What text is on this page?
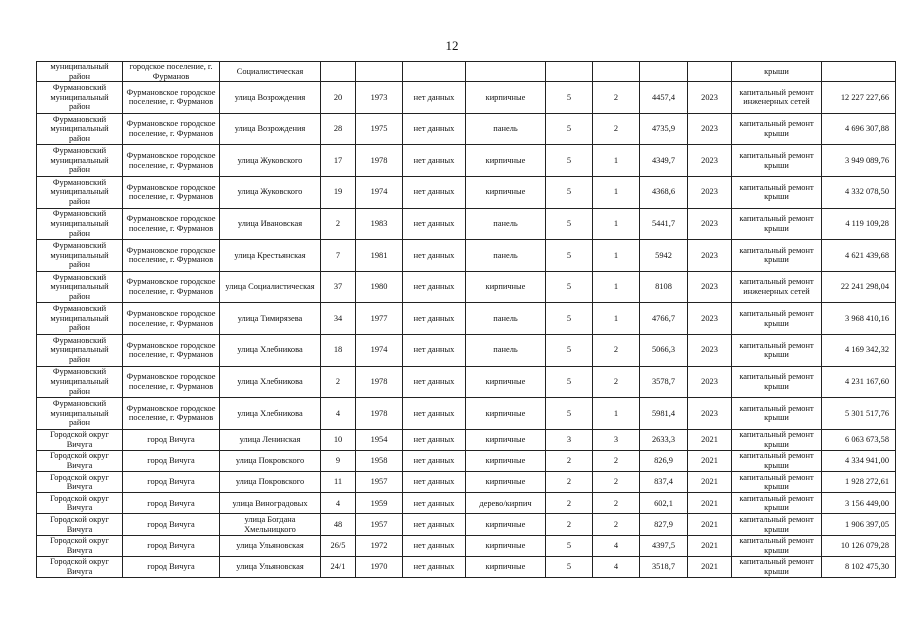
12
муниципальный район	городское поселение, г. Фурманов	Социалистическая									крыши	
Фурмановский муниципальный район	Фурмановское городское поселение, г. Фурманов	улица Возрождения	20	1973	нет данных	кирпичные	5	2	4457,4	2023	капитальный ремонт инженерных сетей	12 227 227,66
Фурмановский муниципальный район	Фурмановское городское поселение, г. Фурманов	улица Возрождения	28	1975	нет данных	панель	5	2	4735,9	2023	капитальный ремонт крыши	4 696 307,88
Фурмановский муниципальный район	Фурмановское городское поселение, г. Фурманов	улица Жуковского	17	1978	нет данных	кирпичные	5	1	4349,7	2023	капитальный ремонт крыши	3 949 089,76
Фурмановский муниципальный район	Фурмановское городское поселение, г. Фурманов	улица Жуковского	19	1974	нет данных	кирпичные	5	1	4368,6	2023	капитальный ремонт крыши	4 332 078,50
Фурмановский муниципальный район	Фурмановское городское поселение, г. Фурманов	улица Ивановская	2	1983	нет данных	панель	5	1	5441,7	2023	капитальный ремонт крыши	4 119 109,28
Фурмановский муниципальный район	Фурмановское городское поселение, г. Фурманов	улица Крестьянская	7	1981	нет данных	панель	5	1	5942	2023	капитальный ремонт крыши	4 621 439,68
Фурмановский муниципальный район	Фурмановское городское поселение, г. Фурманов	улица Социалистическая	37	1980	нет данных	кирпичные	5	1	8108	2023	капитальный ремонт инженерных сетей	22 241 298,04
Фурмановский муниципальный район	Фурмановское городское поселение, г. Фурманов	улица Тимирязева	34	1977	нет данных	панель	5	1	4766,7	2023	капитальный ремонт крыши	3 968 410,16
Фурмановский муниципальный район	Фурмановское городское поселение, г. Фурманов	улица Хлебникова	18	1974	нет данных	панель	5	2	5066,3	2023	капитальный ремонт крыши	4 169 342,32
Фурмановский муниципальный район	Фурмановское городское поселение, г. Фурманов	улица Хлебникова	2	1978	нет данных	кирпичные	5	2	3578,7	2023	капитальный ремонт крыши	4 231 167,60
Фурмановский муниципальный район	Фурмановское городское поселение, г. Фурманов	улица Хлебникова	4	1978	нет данных	кирпичные	5	1	5981,4	2023	капитальный ремонт крыши	5 301 517,76
Городской округ Вичуга	город Вичуга	улица Ленинская	10	1954	нет данных	кирпичные	3	3	2633,3	2021	капитальный ремонт крыши	6 063 673,58
Городской округ Вичуга	город Вичуга	улица Покровского	9	1958	нет данных	кирпичные	2	2	826,9	2021	капитальный ремонт крыши	4 334 941,00
Городской округ Вичуга	город Вичуга	улица Покровского	11	1957	нет данных	кирпичные	2	2	837,4	2021	капитальный ремонт крыши	1 928 272,61
Городской округ Вичуга	город Вичуга	улица Виноградовых	4	1959	нет данных	дерево/кирпич	2	2	602,1	2021	капитальный ремонт крыши	3 156 449,00
Городской округ Вичуга	город Вичуга	улица Богдана Хмельницкого	48	1957	нет данных	кирпичные	2	2	827,9	2021	капитальный ремонт крыши	1 906 397,05
Городской округ Вичуга	город Вичуга	улица Ульяновская	26/5	1972	нет данных	кирпичные	5	4	4397,5	2021	капитальный ремонт крыши	10 126 079,28
Городской округ Вичуга	город Вичуга	улица Ульяновская	24/1	1970	нет данных	кирпичные	5	4	3518,7	2021	капитальный ремонт крыши	8 102 475,30
